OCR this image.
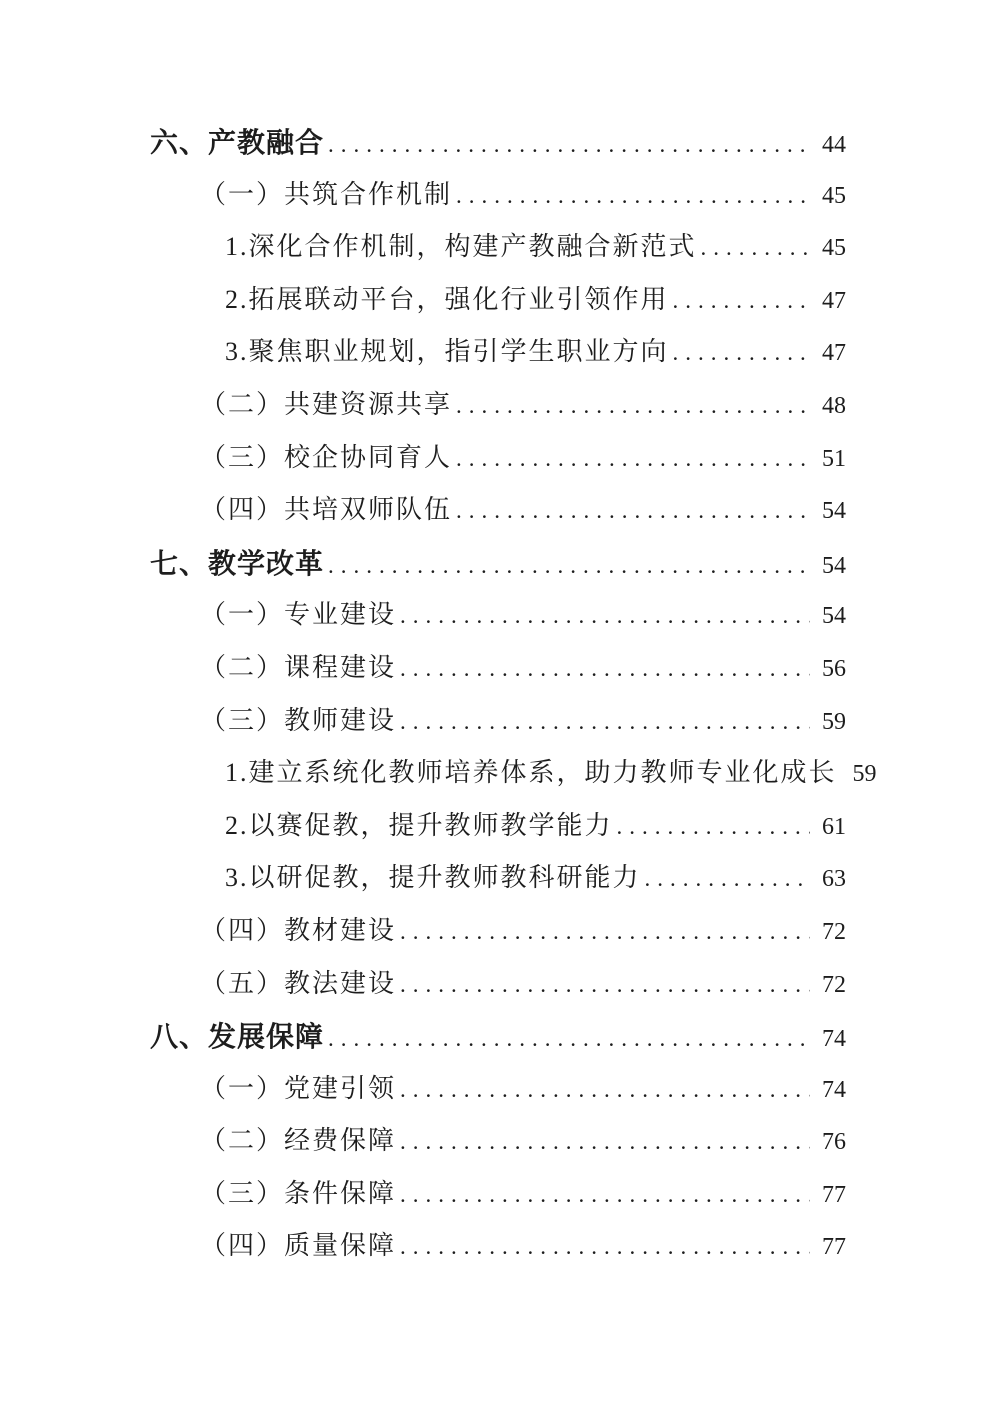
六、产教融合 .....	44
（一）共筑合作机制 .....	45
1.深化合作机制，构建产教融合新范式 .....	45
2.拓展联动平台，强化行业引领作用 .....	47
3.聚焦职业规划，指引学生职业方向 .....	47
（二）共建资源共享 .....	48
（三）校企协同育人 .....	51
（四）共培双师队伍 .....	54
七、教学改革 .....	54
（一）专业建设 .....	54
（二）课程建设 .....	56
（三）教师建设 .....	59
1.建立系统化教师培养体系，助力教师专业化成长 59
2.以赛促教，提升教师教学能力 .....	61
3.以研促教，提升教师教科研能力 .....	63
（四）教材建设 .....	72
（五）教法建设 .....	72
八、发展保障 .....	74
（一）党建引领 .....	74
（二）经费保障 .....	76
（三）条件保障 .....	77
（四）质量保障 .....	77
